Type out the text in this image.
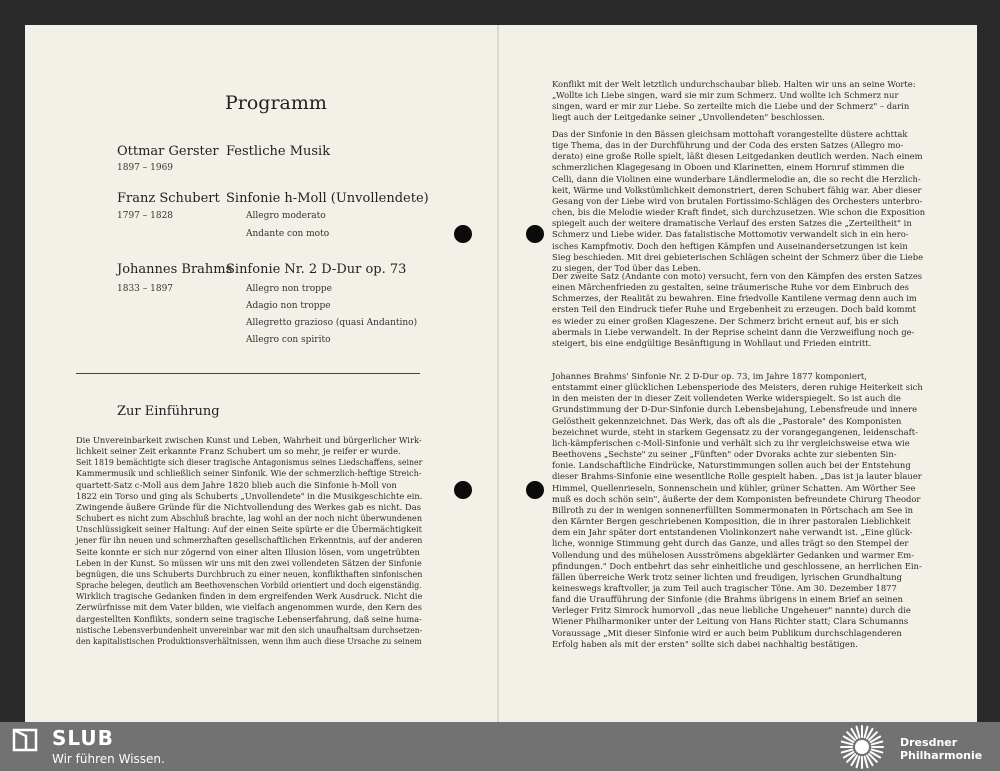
Programm
Ottmar Gerster
1897 – 1969
Festliche Musik
Franz Schubert
1797 – 1828
Sinfonie h-Moll (Unvollendete)
Allegro moderato
Andante con moto
Johannes Brahms
1833 – 1897
Sinfonie Nr. 2 D-Dur op. 73
Allegro non troppe
Adagio non troppe
Allegretto grazioso (quasi Andantino)
Allegro con spirito
Zur Einführung
Die Unvereinbarkeit zwischen Kunst und Leben, Wahrheit und bürgerlicher Wirk-
lichkeit seiner Zeit erkannte Franz Schubert um so mehr, je reifer er wurde.
Seit 1819 bemächtigte sich dieser tragische Antagonismus seines Liedschaffens, seiner
Kammermusik und schließlich seiner Sinfonik. Wie der schmerzlich-heftige Streich-
quartett-Satz c-Moll aus dem Jahre 1820 blieb auch die Sinfonie h-Moll von
1822 ein Torso und ging als Schuberts „Unvollendete" in die Musikgeschichte ein.
Zwingende äußere Gründe für die Nichtvollendung des Werkes gab es nicht. Das
Schubert es nicht zum Abschluß brachte, lag wohl an der noch nicht überwundenen
Unschlüssigkeit seiner Haltung: Auf der einen Seite spürte er die Übermächtigkeit
jener für ihn neuen und schmerzhaften gesellschaftlichen Erkenntnis, auf der anderen
Seite konnte er sich nur zögernd von einer alten Illusion lösen, vom ungetrübten
Leben in der Kunst. So müssen wir uns mit den zwei vollendeten Sätzen der Sinfonie
begnügen, die uns Schuberts Durchbruch zu einer neuen, konflikthaften sinfonischen
Sprache belegen, deutlich am Beethovenschen Vorbild orientiert und doch eigenständig.
Wirklich tragische Gedanken finden in dem ergreifenden Werk Ausdruck. Nicht die
Zerwürfnisse mit dem Vater bilden, wie vielfach angenommen wurde, den Kern des
dargestellten Konflikts, sondern seine tragische Lebenserfahrung, daß seine huma-
nistische Lebensverbundenheit unvereinbar war mit den sich unaufhaltsam durchsetzen-
den kapitalistischen Produktionsverhältnissen, wenn ihm auch diese Ursache zu seinem
Konflikt mit der Welt letztlich undurchschaubar blieb. Halten wir uns an seine Worte:
„Wollte ich Liebe singen, ward sie mir zum Schmerz. Und wollte ich Schmerz nur
singen, ward er mir zur Liebe. So zerteilte mich die Liebe und der Schmerz" – darin
liegt auch der Leitgedanke seiner „Unvollendeten" beschlossen.
Das der Sinfonie in den Bässen gleichsam mottohaft vorangestellte düstere achttak
tige Thema, das in der Durchführung und der Coda des ersten Satzes (Allegro mo-
derato) eine große Rolle spielt, läßt diesen Leitgedanken deutlich werden. Nach einem
schmerzlichen Klagegesang in Oboen und Klarinetten, einem Hornruf stimmen die
Celli, dann die Violinen eine wunderbare Ländlermelodie an, die so recht die Herzlich-
keit, Wärme und Volkstümlichkeit demonstriert, deren Schubert fähig war. Aber dieser
Gesang von der Liebe wird von brutalen Fortissimo-Schlägen des Orchesters unterbro-
chen, bis die Melodie wieder Kraft findet, sich durchzusetzen. Wie schon die Exposition
spiegelt auch der weitere dramatische Verlauf des ersten Satzes die „Zerteiltheit" in
Schmerz und Liebe wider. Das fatalistische Mottomotiv verwandelt sich in ein hero-
isches Kampfmotiv. Doch den heftigen Kämpfen und Auseinandersetzungen ist kein
Sieg beschieden. Mit drei gebieterischen Schlägen scheint der Schmerz über die Liebe
zu siegen, der Tod über das Leben.
Der zweite Satz (Andante con moto) versucht, fern von den Kämpfen des ersten Satzes
einen Märchenfrieden zu gestalten, seine träumerische Ruhe vor dem Einbruch des
Schmerzes, der Realität zu bewahren. Eine friedvolle Kantilene vermag denn auch im
ersten Teil den Eindruck tiefer Ruhe und Ergebenheit zu erzeugen. Doch bald kommt
es wieder zu einer großen Klageszene. Der Schmerz bricht erneut auf, bis er sich
abermals in Liebe verwandelt. In der Reprise scheint dann die Verzweiflung noch ge-
steigert, bis eine endgültige Besänftigung in Wohllaut und Frieden eintritt.
Johannes Brahms' Sinfonie Nr. 2 D-Dur op. 73, im Jahre 1877 komponiert,
entstammt einer glücklichen Lebensperiode des Meisters, deren ruhige Heiterkeit sich
in den meisten der in dieser Zeit vollendeten Werke widerspiegelt. So ist auch die
Grundstimmung der D-Dur-Sinfonie durch Lebensbejahung, Lebensfreude und innere
Gelöstheit gekennzeichnet. Das Werk, das oft als die „Pastorale" des Komponisten
bezeichnet wurde, steht in starkem Gegensatz zu der vorangegangenen, leidenschaft-
lich-kämpferischen c-Moll-Sinfonie und verhält sich zu ihr vergleichsweise etwa wie
Beethovens „Sechste" zu seiner „Fünften" oder Dvoraks achte zur siebenten Sin-
fonie. Landschaftliche Eindrücke, Naturstimmungen sollen auch bei der Entstehung
dieser Brahms-Sinfonie eine wesentliche Rolle gespielt haben. „Das ist ja lauter blauer
Himmel, Quellenrieseln, Sonnenschein und kühler, grüner Schatten. Am Wörther See
muß es doch schön sein", äußerte der dem Komponisten befreundete Chirurg Theodor
Billroth zu der in wenigen sonnenerfüllten Sommermonaten in Pörtschach am See in
den Kärnter Bergen geschriebenen Komposition, die in ihrer pastoralen Lieblichkeit
dem ein Jahr später dort entstandenen Violinkonzert nahe verwandt ist. „Eine glück-
liche, wonnige Stimmung geht durch das Ganze, und alles trägt so den Stempel der
Vollendung und des mühelosen Ausströmens abgeklärter Gedanken und warmer Em-
pfindungen." Doch entbehrt das sehr einheitliche und geschlossene, an herrlichen Ein-
fällen überreiche Werk trotz seiner lichten und freudigen, lyrischen Grundhaltung
keineswegs kraftvoller, ja zum Teil auch tragischer Töne. Am 30. Dezember 1877
fand die Uraufführung der Sinfonie (die Brahms übrigens in einem Brief an seinen
Verleger Fritz Simrock humorvoll „das neue liebliche Ungeheuer" nannte) durch die
Wiener Philharmoniker unter der Leitung von Hans Richter statt; Clara Schumanns
Voraussage „Mit dieser Sinfonie wird er auch beim Publikum durchschlagenderen
Erfolg haben als mit der ersten" sollte sich dabei nachhaltig bestätigen.
SLUB
Wir führen Wissen.
Dresdner
Philharmonie
